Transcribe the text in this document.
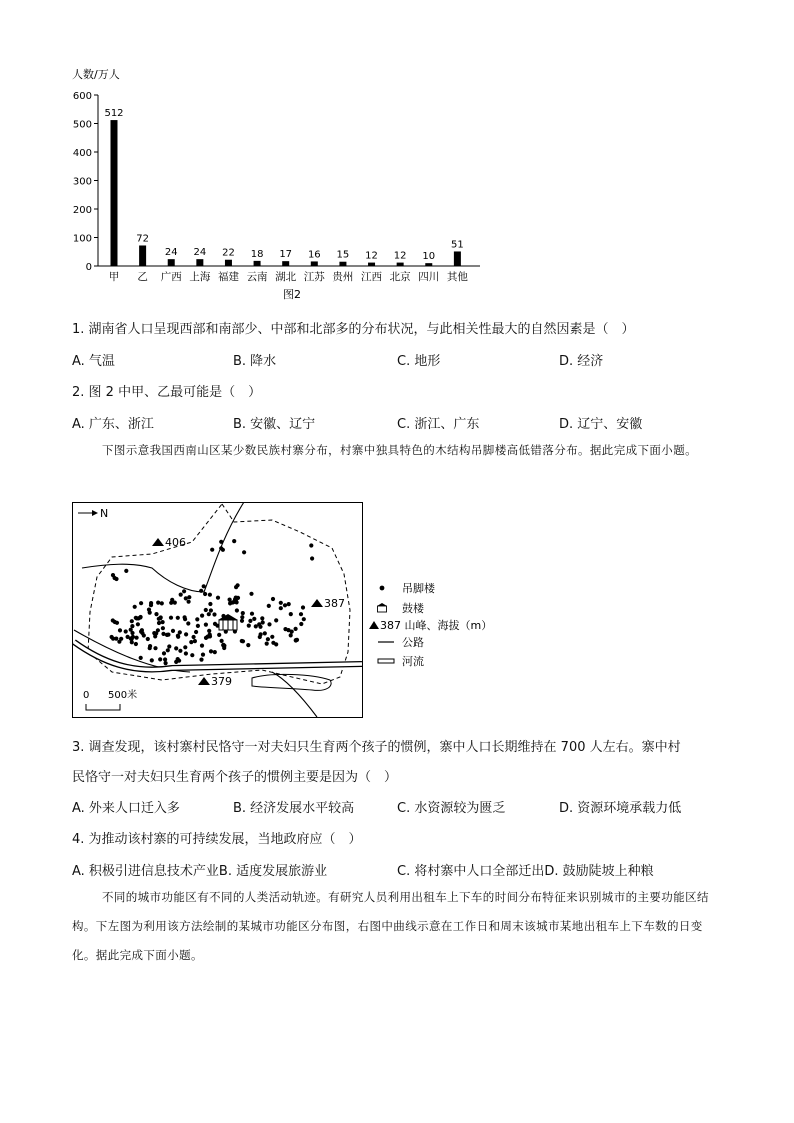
人数/万人
0
100
200
300
400
500
600
512
72
24 24 22 18 17 16 15 12 12 10
51
甲 乙 广西 上海 福建 云南 湖北 江苏 贵州 江西 北京 四川 其他
图2
1. 湖南省人口呈现西部和南部少、中部和北部多的分布状况，与此相关性最大的自然因素是（　）
A. 气温	B. 降水	C. 地形	D. 经济
2. 图 2 中甲、乙最可能是（　）
A. 广东、浙江	B. 安徽、辽宁	C. 浙江、广东	D. 辽宁、安徽
下图示意我国西南山区某少数民族村寨分布，村寨中独具特色的木结构吊脚楼高低错落分布。据此完成下面小题。
N
406
387
379
0 500米
吊脚楼
鼓楼
387 山峰、海拔（m）
公路
河流
3. 调查发现，该村寨村民恪守一对夫妇只生育两个孩子的惯例，寨中人口长期维持在 700 人左右。寨中村
民恪守一对夫妇只生育两个孩子的惯例主要是因为（　）
A. 外来人口迁入多	B. 经济发展水平较高	C. 水资源较为匮乏	D. 资源环境承载力低
4. 为推动该村寨的可持续发展，当地政府应（　）
A. 积极引进信息技术产业B. 适度发展旅游业	C. 将村寨中人口全部迁出D. 鼓励陡坡上种粮
不同的城市功能区有不同的人类活动轨迹。有研究人员利用出租车上下车的时间分布特征来识别城市的主要功能区结构。下左图为利用该方法绘制的某城市功能区分布图，右图中曲线示意在工作日和周末该城市某地出租车上下车数的日变化。据此完成下面小题。
